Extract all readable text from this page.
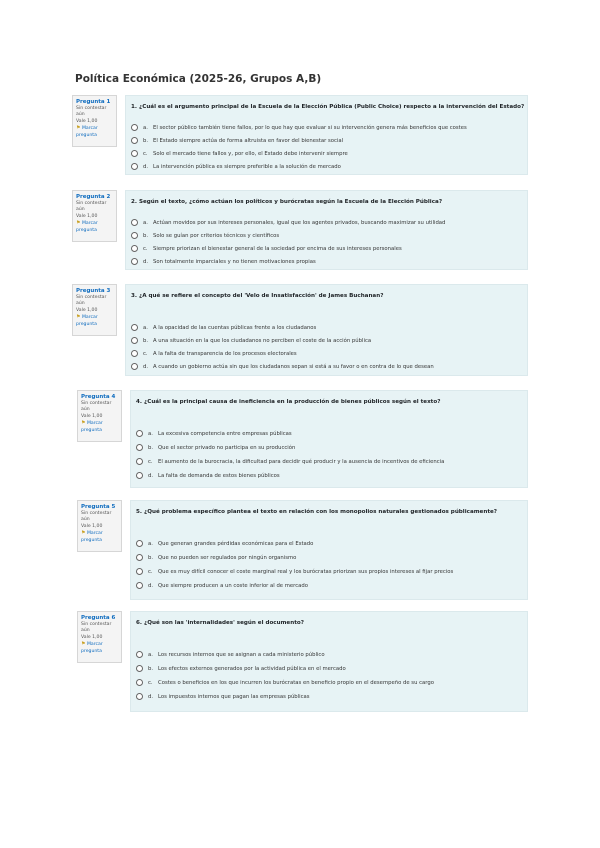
Política Económica (2025-26, Grupos A,B)
Pregunta 1
Sin contestar
aún
Vale 1,00
⚑ Marcar pregunta
1. ¿Cuál es el argumento principal de la Escuela de la Elección Pública (Public Choice) respecto a la intervención del Estado?
a. El sector público también tiene fallos, por lo que hay que evaluar si su intervención genera más beneficios que costes
b. El Estado siempre actúa de forma altruista en favor del bienestar social
c.	Solo el mercado tiene fallos y, por ello, el Estado debe intervenir siempre
d. La intervención pública es siempre preferible a la solución de mercado
Pregunta 2
Sin contestar
aún
Vale 1,00
⚑ Marcar pregunta
2. Según el texto, ¿cómo actúan los políticos y burócratas según la Escuela de la Elección Pública?
a. Actúan movidos por sus intereses personales, igual que los agentes privados, buscando maximizar su utilidad
b. Solo se guían por criterios técnicos y científicos
c.	Siempre priorizan el bienestar general de la sociedad por encima de sus intereses personales
d. Son totalmente imparciales y no tienen motivaciones propias
Pregunta 3
Sin contestar
aún
Vale 1,00
⚑ Marcar pregunta
3. ¿A qué se refiere el concepto del 'Velo de Insatisfacción' de James Buchanan?
a. A la opacidad de las cuentas públicas frente a los ciudadanos
b. A una situación en la que los ciudadanos no perciben el coste de la acción pública
c.	A la falta de transparencia de los procesos electorales
d. A cuando un gobierno actúa sin que los ciudadanos sepan si está a su favor o en contra de lo que desean
Pregunta 4
Sin contestar
aún
Vale 1,00
⚑ Marcar pregunta
4. ¿Cuál es la principal causa de ineficiencia en la producción de bienes públicos según el texto?
a. La excesiva competencia entre empresas públicas
b. Que el sector privado no participa en su producción
c.	El aumento de la burocracia, la dificultad para decidir qué producir y la ausencia de incentivos de eficiencia
d. La falta de demanda de estos bienes públicos
Pregunta 5
Sin contestar
aún
Vale 1,00
⚑ Marcar pregunta
5. ¿Qué problema específico plantea el texto en relación con los monopolios naturales gestionados públicamente?
a. Que generan grandes pérdidas económicas para el Estado
b. Que no pueden ser regulados por ningún organismo
c.	Que es muy difícil conocer el coste marginal real y los burócratas priorizan sus propios intereses al fijar precios
d. Que siempre producen a un coste inferior al de mercado
Pregunta 6
Sin contestar
aún
Vale 1,00
⚑ Marcar pregunta
6. ¿Qué son las 'internalidades' según el documento?
a. Los recursos internos que se asignan a cada ministerio público
b. Los efectos externos generados por la actividad pública en el mercado
c.	Costes o beneficios en los que incurren los burócratas en beneficio propio en el desempeño de su cargo
d. Los impuestos internos que pagan las empresas públicas
